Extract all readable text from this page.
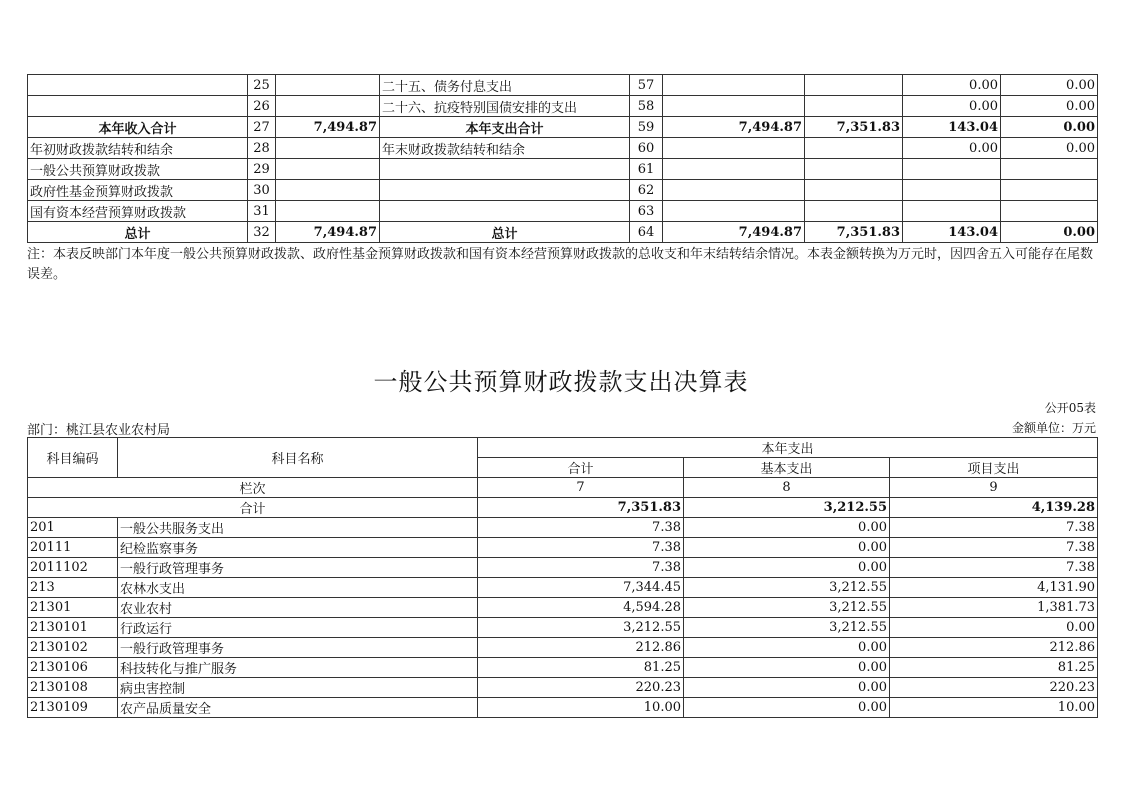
	25		二十五、债务付息支出	57			0.00	0.00
	26		二十六、抗疫特别国债安排的支出	58			0.00	0.00
本年收入合计	27	7,494.87	本年支出合计	59	7,494.87	7,351.83	143.04	0.00
年初财政拨款结转和结余	28		年末财政拨款结转和结余	60			0.00	0.00
一般公共预算财政拨款	29			61				
政府性基金预算财政拨款	30			62				
国有资本经营预算财政拨款	31			63				
总计	32	7,494.87	总计	64	7,494.87	7,351.83	143.04	0.00

注：本表反映部门本年度一般公共预算财政拨款、政府性基金预算财政拨款和国有资本经营预算财政拨款的总收支和年末结转结余情况。本表金额转换为万元时，因四舍五入可能存在尾数误差。

一般公共预算财政拨款支出决算表
公开05表
部门：桃江县农业农村局	金额单位：万元
科目编码	科目名称	本年支出		
		合计	基本支出	项目支出
栏次		7	8	9
合计		7,351.83	3,212.55	4,139.28
201	一般公共服务支出	7.38	0.00	7.38
20111	纪检监察事务	7.38	0.00	7.38
2011102	一般行政管理事务	7.38	0.00	7.38
213	农林水支出	7,344.45	3,212.55	4,131.90
21301	农业农村	4,594.28	3,212.55	1,381.73
2130101	行政运行	3,212.55	3,212.55	0.00
2130102	一般行政管理事务	212.86	0.00	212.86
2130106	科技转化与推广服务	81.25	0.00	81.25
2130108	病虫害控制	220.23	0.00	220.23
2130109	农产品质量安全	10.00	0.00	10.00
